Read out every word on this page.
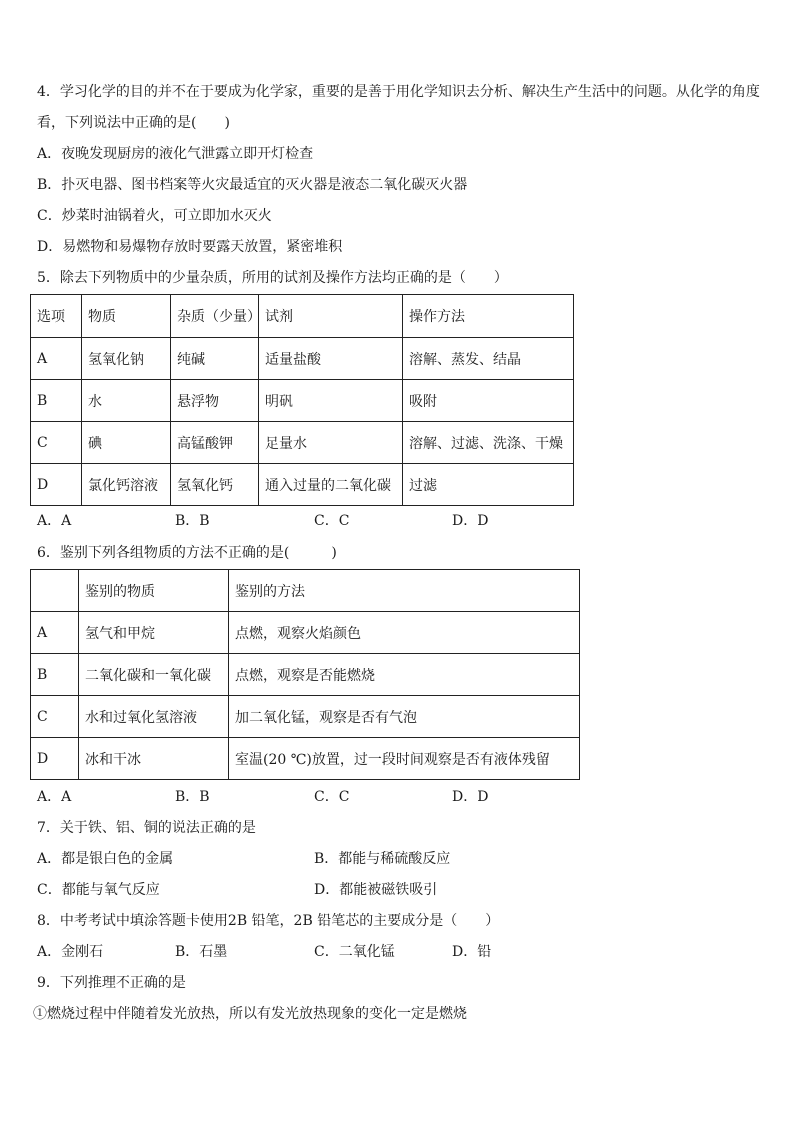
4．学习化学的目的并不在于要成为化学家，重要的是善于用化学知识去分析、解决生产生活中的问题。从化学的角度
看，下列说法中正确的是(　　)
A．夜晚发现厨房的液化气泄露立即开灯检查
B．扑灭电器、图书档案等火灾最适宜的灭火器是液态二氧化碳灭火器
C．炒菜时油锅着火，可立即加水灭火
D．易燃物和易爆物存放时要露天放置，紧密堆积
5．除去下列物质中的少量杂质，所用的试剂及操作方法均正确的是（　　）
选项	物质	杂质（少量）	试剂	操作方法
A	氢氧化钠	纯碱	适量盐酸	溶解、蒸发、结晶
B	水	悬浮物	明矾	吸附
C	碘	高锰酸钾	足量水	溶解、过滤、洗涤、干燥
D	氯化钙溶液	氢氧化钙	通入过量的二氧化碳	过滤
A．A	B．B	C．C	D．D
6．鉴别下列各组物质的方法不正确的是(　　　)
	鉴别的物质	鉴别的方法
A	氢气和甲烷	点燃，观察火焰颜色
B	二氧化碳和一氧化碳	点燃，观察是否能燃烧
C	水和过氧化氢溶液	加二氧化锰，观察是否有气泡
D	冰和干冰	室温(20 ℃)放置，过一段时间观察是否有液体残留
A．A	B．B	C．C	D．D
7．关于铁、铝、铜的说法正确的是
A．都是银白色的金属	B．都能与稀硫酸反应
C．都能与氧气反应	D．都能被磁铁吸引
8．中考考试中填涂答题卡使用2B 铅笔，2B 铅笔芯的主要成分是（　　）
A．金刚石	B．石墨	C．二氧化锰	D．铅
9．下列推理不正确的是
①燃烧过程中伴随着发光放热，所以有发光放热现象的变化一定是燃烧
